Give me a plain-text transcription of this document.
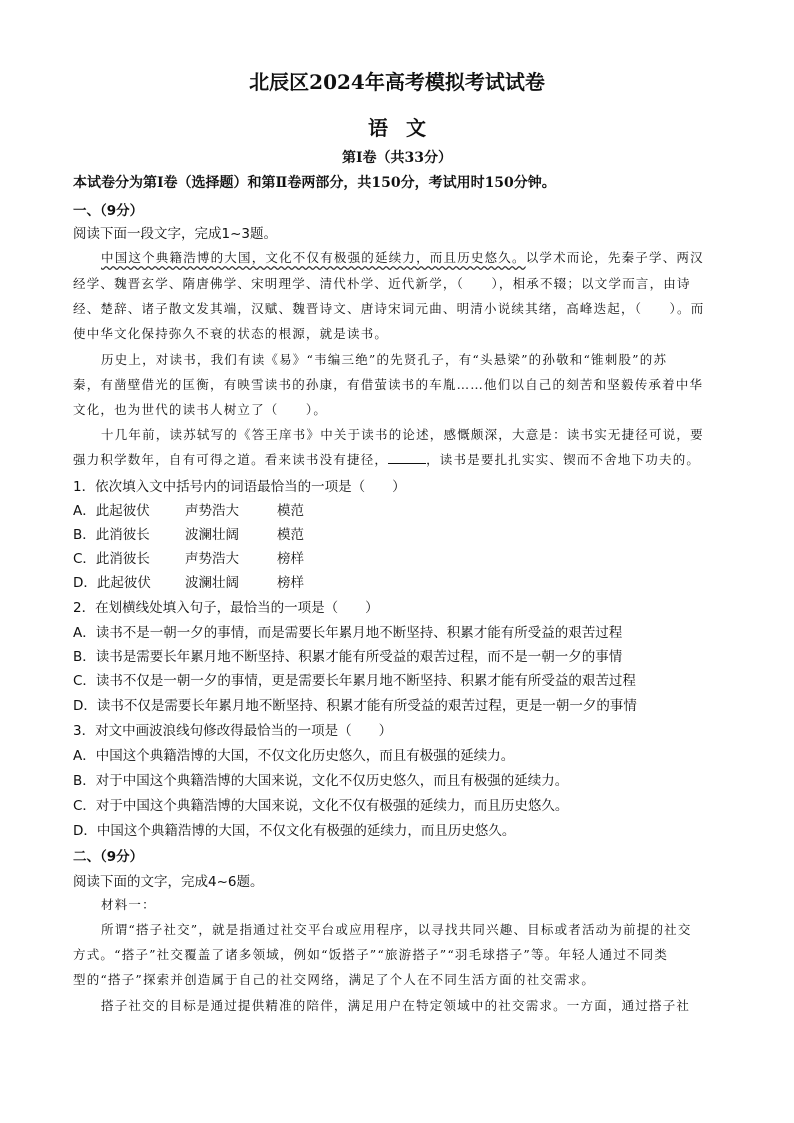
北辰区2024年高考模拟考试试卷
语文
第Ⅰ卷（共33分）
本试卷分为第Ⅰ卷（选择题）和第Ⅱ卷两部分，共150分，考试用时150分钟。
一、（9分）
阅读下面一段文字，完成1~3题。
中国这个典籍浩博的大国，文化不仅有极强的延续力，而且历史悠久。以学术而论，先秦子学、两汉
经学、魏晋玄学、隋唐佛学、宋明理学、清代朴学、近代新学，（　　），相承不辍；以文学而言，由诗
经、楚辞、诸子散文发其端，汉赋、魏晋诗文、唐诗宋词元曲、明清小说续其绪，高峰迭起，（　　）。而
使中华文化保持弥久不衰的状态的根源，就是读书。
历史上，对读书，我们有读《易》“韦编三绝”的先贤孔子，有“头悬梁”的孙敬和“锥刺股”的苏
秦，有凿壁借光的匡衡，有映雪读书的孙康，有借萤读书的车胤……他们以自己的刻苦和坚毅传承着中华
文化，也为世代的读书人树立了（　　）。
十几年前，读苏轼写的《答王庠书》中关于读书的论述，感慨颇深，大意是：读书实无捷径可说，要
强力积学数年，自有可得之道。看来读书没有捷径，	，读书是要扎扎实实、锲而不舍地下功夫的。
1．依次填入文中括号内的词语最恰当的一项是（　　）
A．此起彼伏	声势浩大	模范
B．此消彼长	波澜壮阔	模范
C．此消彼长	声势浩大	榜样
D．此起彼伏	波澜壮阔	榜样
2．在划横线处填入句子，最恰当的一项是（　　）
A．读书不是一朝一夕的事情，而是需要长年累月地不断坚持、积累才能有所受益的艰苦过程
B．读书是需要长年累月地不断坚持、积累才能有所受益的艰苦过程，而不是一朝一夕的事情
C．读书不仅是一朝一夕的事情，更是需要长年累月地不断坚持、积累才能有所受益的艰苦过程
D．读书不仅是需要长年累月地不断坚持、积累才能有所受益的艰苦过程，更是一朝一夕的事情
3．对文中画波浪线句修改得最恰当的一项是（　　）
A．中国这个典籍浩博的大国，不仅文化历史悠久，而且有极强的延续力。
B．对于中国这个典籍浩博的大国来说，文化不仅历史悠久，而且有极强的延续力。
C．对于中国这个典籍浩博的大国来说，文化不仅有极强的延续力，而且历史悠久。
D．中国这个典籍浩博的大国，不仅文化有极强的延续力，而且历史悠久。
二、（9分）
阅读下面的文字，完成4~6题。
材料一：
所谓“搭子社交”，就是指通过社交平台或应用程序，以寻找共同兴趣、目标或者活动为前提的社交
方式。“搭子”社交覆盖了诸多领域，例如“饭搭子”“旅游搭子”“羽毛球搭子”等。年轻人通过不同类
型的“搭子”探索并创造属于自己的社交网络，满足了个人在不同生活方面的社交需求。
搭子社交的目标是通过提供精准的陪伴，满足用户在特定领域中的社交需求。一方面，通过搭子社
